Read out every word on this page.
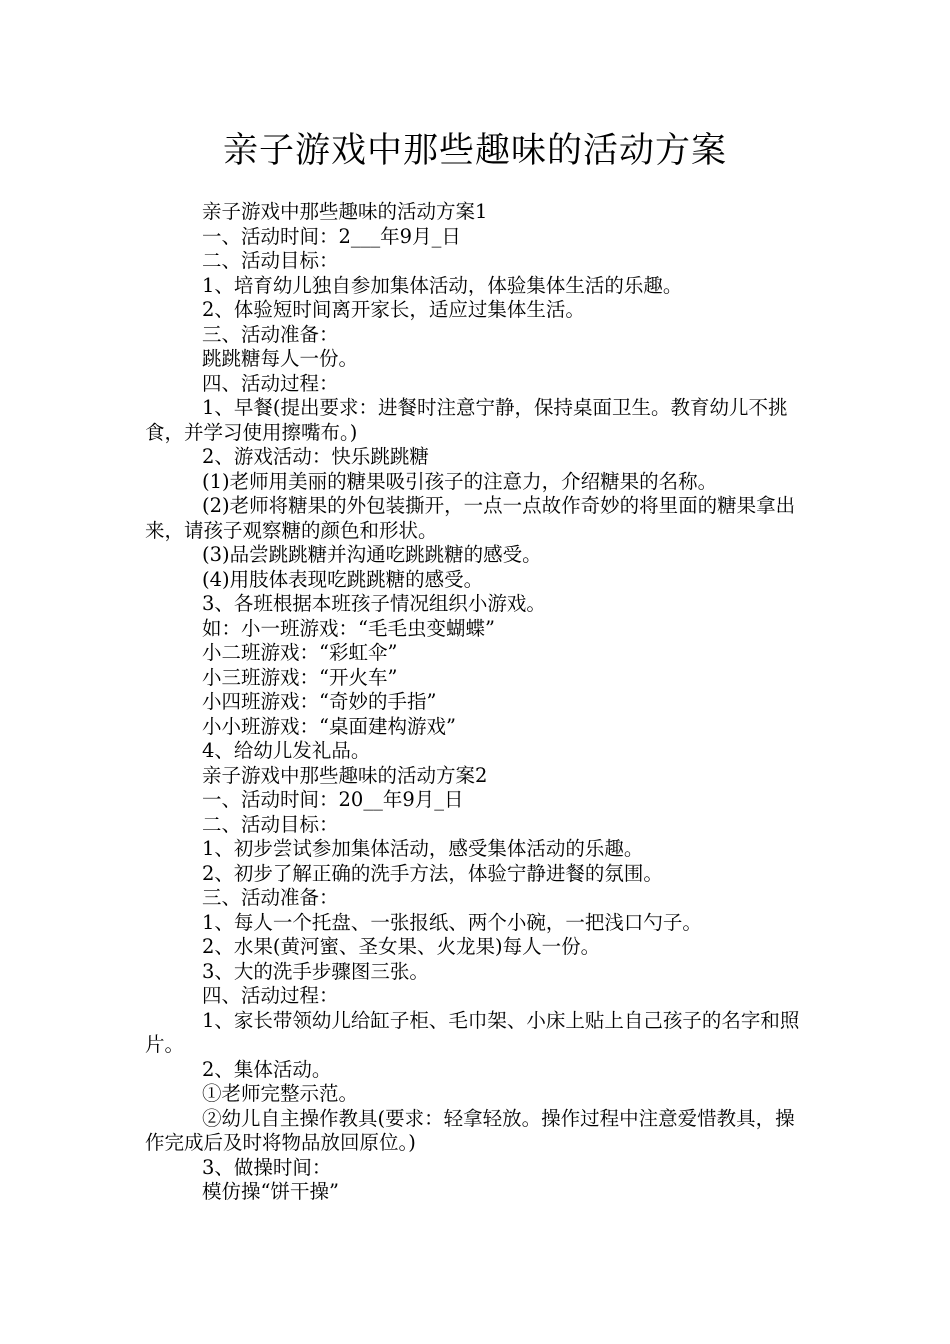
亲子游戏中那些趣味的活动方案

亲子游戏中那些趣味的活动方案1

一、活动时间：2___年9月_日

二、活动目标：

1、培育幼儿独自参加集体活动，体验集体生活的乐趣。

2、体验短时间离开家长，适应过集体生活。

三、活动准备：

跳跳糖每人一份。

四、活动过程：

1、早餐(提出要求：进餐时注意宁静，保持桌面卫生。教育幼儿不挑食，并学习使用擦嘴布。)

2、游戏活动：快乐跳跳糖

(1)老师用美丽的糖果吸引孩子的注意力，介绍糖果的名称。

(2)老师将糖果的外包装撕开，一点一点故作奇妙的将里面的糖果拿出来，请孩子观察糖的颜色和形状。

(3)品尝跳跳糖并沟通吃跳跳糖的感受。

(4)用肢体表现吃跳跳糖的感受。

3、各班根据本班孩子情况组织小游戏。

如：小一班游戏：“毛毛虫变蝴蝶”

小二班游戏：“彩虹伞”

小三班游戏：“开火车”

小四班游戏：“奇妙的手指”

小小班游戏：“桌面建构游戏”

4、给幼儿发礼品。

亲子游戏中那些趣味的活动方案2

一、活动时间：20__年9月_日

二、活动目标：

1、初步尝试参加集体活动，感受集体活动的乐趣。

2、初步了解正确的洗手方法，体验宁静进餐的氛围。

三、活动准备：

1、每人一个托盘、一张报纸、两个小碗，一把浅口勺子。

2、水果(黄河蜜、圣女果、火龙果)每人一份。

3、大的洗手步骤图三张。

四、活动过程：

1、家长带领幼儿给缸子柜、毛巾架、小床上贴上自己孩子的名字和照片。

2、集体活动。

①老师完整示范。

②幼儿自主操作教具(要求：轻拿轻放。操作过程中注意爱惜教具，操作完成后及时将物品放回原位。)

3、做操时间：

模仿操“饼干操”
